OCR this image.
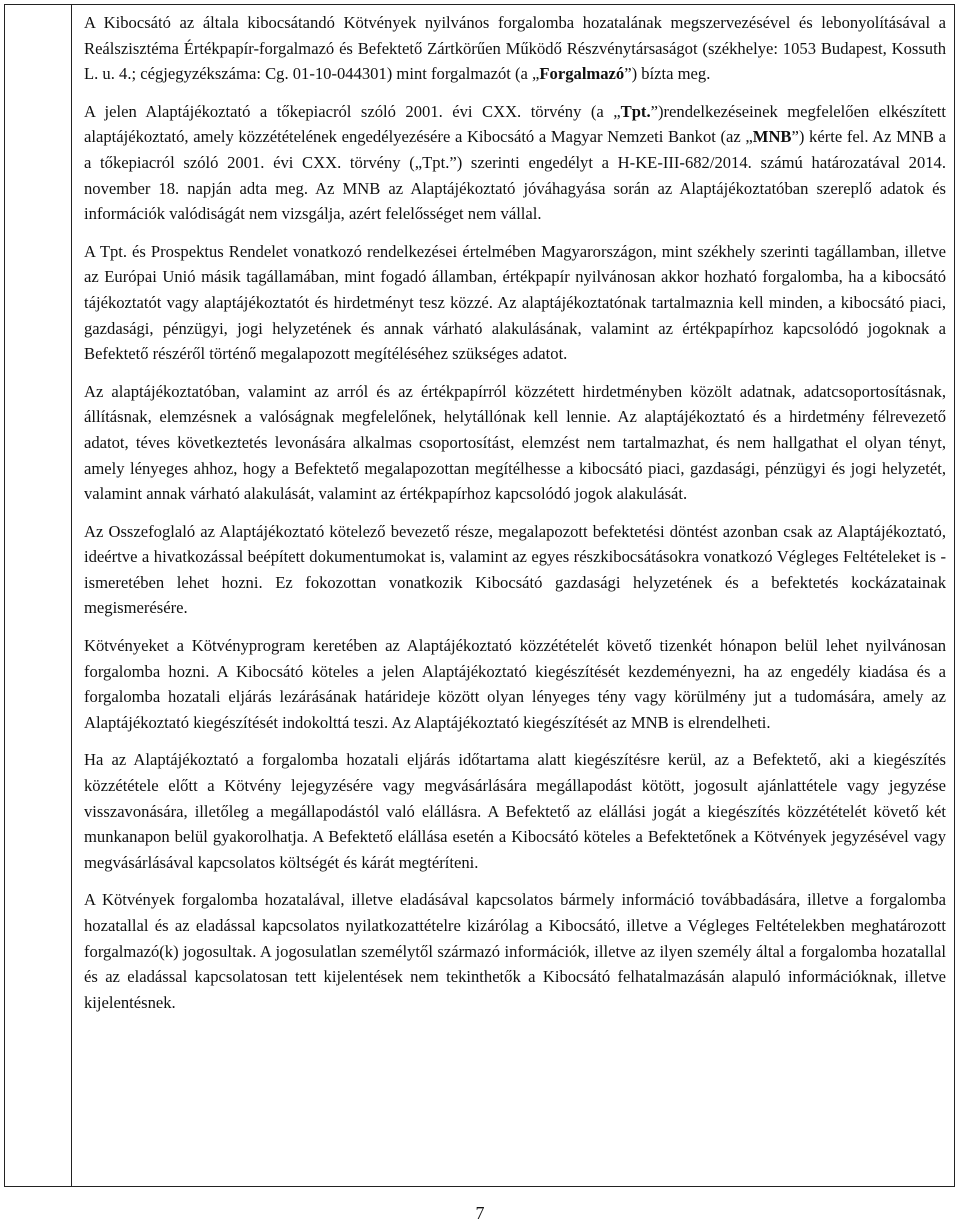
A Kibocsátó az általa kibocsátandó Kötvények nyilvános forgalomba hozatalának megszervezésével és lebonyolításával a Reálszisztéma Értékpapír-forgalmazó és Befektető Zártkörűen Működő Részvénytársaságot (székhelye: 1053 Budapest, Kossuth L. u. 4.; cégjegyzékszáma: Cg. 01-10-044301) mint forgalmazót (a „Forgalmazó”) bízta meg.

A jelen Alaptájékoztató a tőkepiacról szóló 2001. évi CXX. törvény (a „Tpt.”)rendelkezéseinek megfelelően elkészített alaptájékoztató, amely közzétételének engedélyezésére a Kibocsátó a Magyar Nemzeti Bankot (az „MNB”) kérte fel. Az MNB a a tőkepiacról szóló 2001. évi CXX. törvény („Tpt.”) szerinti engedélyt a H-KE-III-682/2014. számú határozatával 2014. november 18. napján adta meg. Az MNB az Alaptájékoztató jóváhagyása során az Alaptájékoztatóban szereplő adatok és információk valódiságát nem vizsgálja, azért felelősséget nem vállal.

A Tpt. és Prospektus Rendelet vonatkozó rendelkezései értelmében Magyarországon, mint székhely szerinti tagállamban, illetve az Európai Unió másik tagállamában, mint fogadó államban, értékpapír nyilvánosan akkor hozható forgalomba, ha a kibocsátó tájékoztatót vagy alaptájékoztatót és hirdetményt tesz közzé. Az alaptájékoztatónak tartalmaznia kell minden, a kibocsátó piaci, gazdasági, pénzügyi, jogi helyzetének és annak várható alakulásának, valamint az értékpapírhoz kapcsolódó jogoknak a Befektető részéről történő megalapozott megítéléséhez szükséges adatot.

Az alaptájékoztatóban, valamint az arról és az értékpapírról közzétett hirdetményben közölt adatnak, adatcsoportosításnak, állításnak, elemzésnek a valóságnak megfelelőnek, helytállónak kell lennie. Az alaptájékoztató és a hirdetmény félrevezető adatot, téves következtetés levonására alkalmas csoportosítást, elemzést nem tartalmazhat, és nem hallgathat el olyan tényt, amely lényeges ahhoz, hogy a Befektető megalapozottan megítélhesse a kibocsátó piaci, gazdasági, pénzügyi és jogi helyzetét, valamint annak várható alakulását, valamint az értékpapírhoz kapcsolódó jogok alakulását.

Az Osszefoglaló az Alaptájékoztató kötelező bevezető része, megalapozott befektetési döntést azonban csak az Alaptájékoztató, ideértve a hivatkozással beépített dokumentumokat is, valamint az egyes részkibocsátásokra vonatkozó Végleges Feltételeket is - ismeretében lehet hozni. Ez fokozottan vonatkozik Kibocsátó gazdasági helyzetének és a befektetés kockázatainak megismerésére.

Kötvényeket a Kötvényprogram keretében az Alaptájékoztató közzétételét követő tizenkét hónapon belül lehet nyilvánosan forgalomba hozni. A Kibocsátó köteles a jelen Alaptájékoztató kiegészítését kezdeményezni, ha az engedély kiadása és a forgalomba hozatali eljárás lezárásának határideje között olyan lényeges tény vagy körülmény jut a tudomására, amely az Alaptájékoztató kiegészítését indokolttá teszi. Az Alaptájékoztató kiegészítését az MNB is elrendelheti.

Ha az Alaptájékoztató a forgalomba hozatali eljárás időtartama alatt kiegészítésre kerül, az a Befektető, aki a kiegészítés közzététele előtt a Kötvény lejegyzésére vagy megvásárlására megállapodást kötött, jogosult ajánlattétele vagy jegyzése visszavonására, illetőleg a megállapodástól való elállásra. A Befektető az elállási jogát a kiegészítés közzétételét követő két munkanapon belül gyakorolhatja. A Befektető elállása esetén a Kibocsátó köteles a Befektetőnek a Kötvények jegyzésével vagy megvásárlásával kapcsolatos költségét és kárát megtéríteni.

A Kötvények forgalomba hozatalával, illetve eladásával kapcsolatos bármely információ továbbadására, illetve a forgalomba hozatallal és az eladással kapcsolatos nyilatkozattételre kizárólag a Kibocsátó, illetve a Végleges Feltételekben meghatározott forgalmazó(k) jogosultak. A jogosulatlan személytől származó információk, illetve az ilyen személy által a forgalomba hozatallal és az eladással kapcsolatosan tett kijelentések nem tekinthetők a Kibocsátó felhatalmazásán alapuló információknak, illetve kijelentésnek.

7
